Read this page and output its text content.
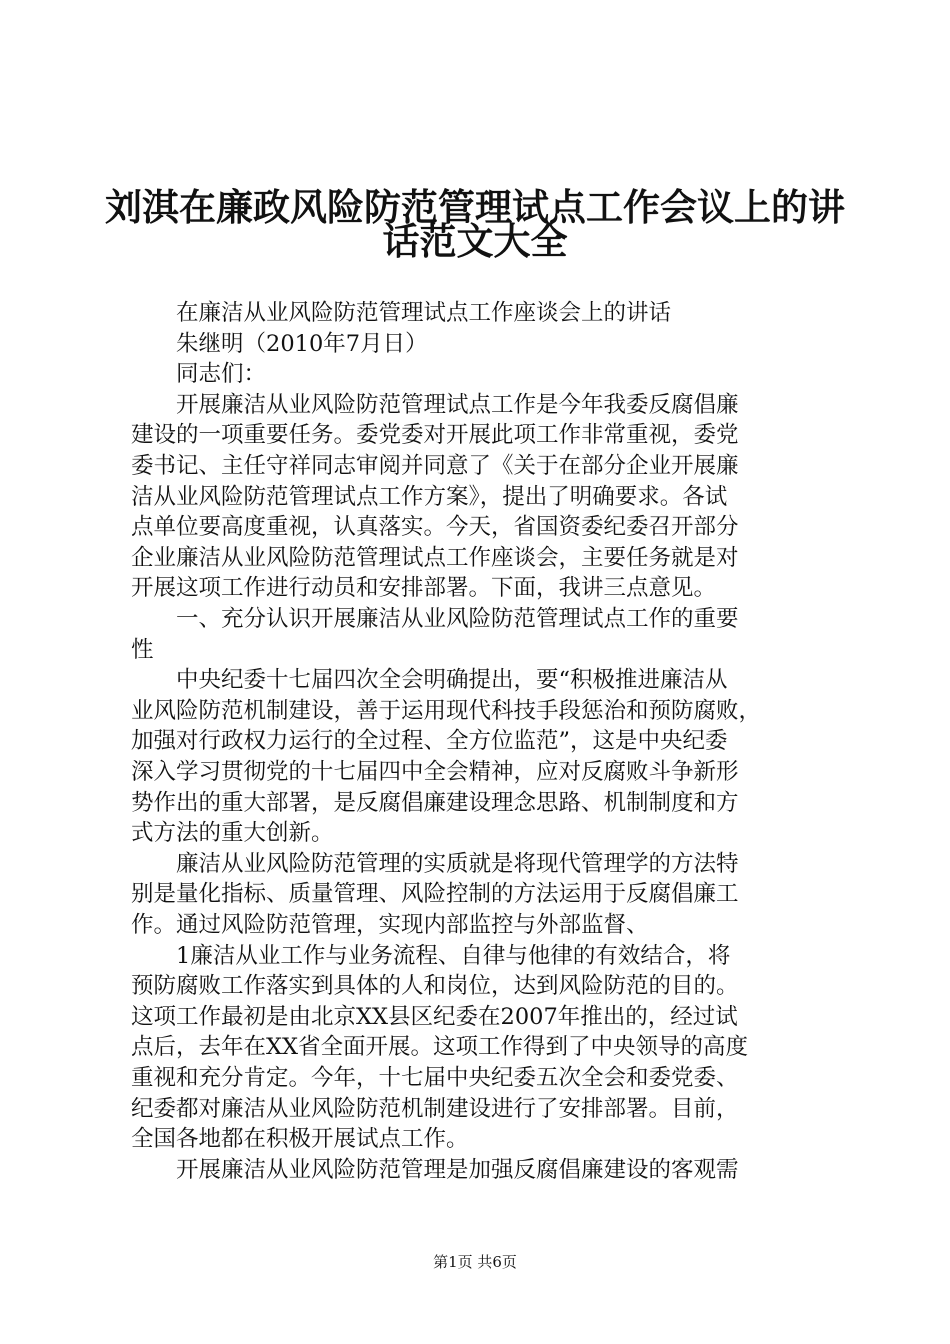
刘淇在廉政风险防范管理试点工作会议上的讲
话范文大全

　　在廉洁从业风险防范管理试点工作座谈会上的讲话

　　朱继明（2010年7月日）

　　同志们：

　　开展廉洁从业风险防范管理试点工作是今年我委反腐倡廉

建设的一项重要任务。委党委对开展此项工作非常重视，委党

委书记、主任守祥同志审阅并同意了《关于在部分企业开展廉

洁从业风险防范管理试点工作方案》，提出了明确要求。各试

点单位要高度重视，认真落实。今天，省国资委纪委召开部分

企业廉洁从业风险防范管理试点工作座谈会，主要任务就是对

开展这项工作进行动员和安排部署。下面，我讲三点意见。

　　一、充分认识开展廉洁从业风险防范管理试点工作的重要

性

　　中央纪委十七届四次全会明确提出，要“积极推进廉洁从

业风险防范机制建设，善于运用现代科技手段惩治和预防腐败，

加强对行政权力运行的全过程、全方位监范”，这是中央纪委

深入学习贯彻党的十七届四中全会精神，应对反腐败斗争新形

势作出的重大部署，是反腐倡廉建设理念思路、机制制度和方

式方法的重大创新。

　　廉洁从业风险防范管理的实质就是将现代管理学的方法特

别是量化指标、质量管理、风险控制的方法运用于反腐倡廉工

作。通过风险防范管理，实现内部监控与外部监督、

　　1廉洁从业工作与业务流程、自律与他律的有效结合，将

预防腐败工作落实到具体的人和岗位，达到风险防范的目的。

这项工作最初是由北京XX县区纪委在2007年推出的，经过试

点后，去年在XX省全面开展。这项工作得到了中央领导的高度

重视和充分肯定。今年，十七届中央纪委五次全会和委党委、

纪委都对廉洁从业风险防范机制建设进行了安排部署。目前，

全国各地都在积极开展试点工作。

　　开展廉洁从业风险防范管理是加强反腐倡廉建设的客观需

第1页 共6页
